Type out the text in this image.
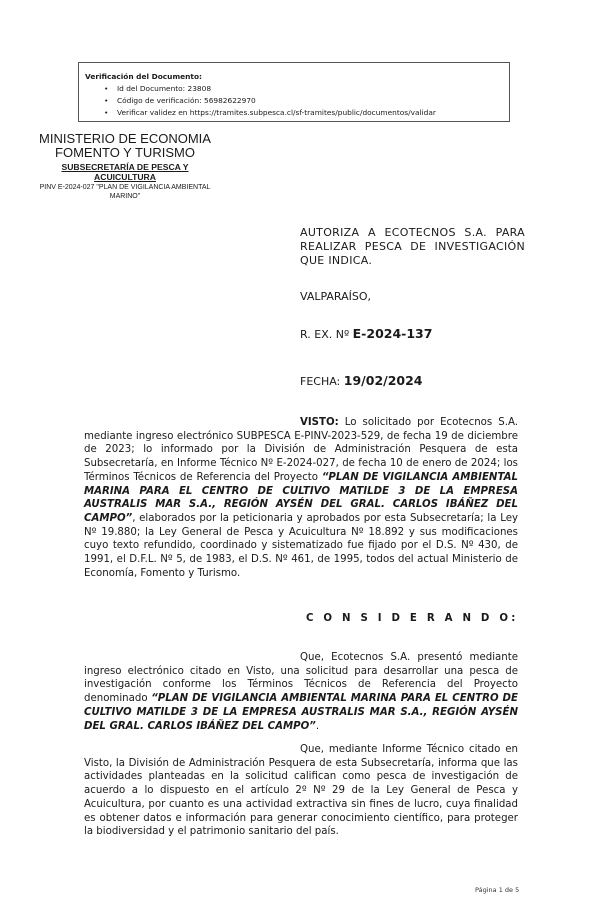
Verificación del Documento:
• Id del Documento: 23808
• Código de verificación: 56982622970
• Verificar validez en https://tramites.subpesca.cl/sf-tramites/public/documentos/validar
MINISTERIO DE ECONOMIA
FOMENTO Y TURISMO
SUBSECRETARÍA DE PESCA Y ACUICULTURA
PINV E-2024-027 "PLAN DE VIGILANCIA AMBIENTAL MARINO"
AUTORIZA A ECOTECNOS S.A. PARA REALIZAR PESCA DE INVESTIGACIÓN QUE INDICA.
VALPARAÍSO,
R. EX. Nº E-2024-137
FECHA: 19/02/2024

VISTO: Lo solicitado por Ecotecnos S.A. mediante ingreso electrónico SUBPESCA E-PINV-2023-529, de fecha 19 de diciembre de 2023; lo informado por la División de Administración Pesquera de esta Subsecretaría, en Informe Técnico Nº E-2024-027, de fecha 10 de enero de 2024; los Términos Técnicos de Referencia del Proyecto “PLAN DE VIGILANCIA AMBIENTAL MARINA PARA EL CENTRO DE CULTIVO MATILDE 3 DE LA EMPRESA AUSTRALIS MAR S.A., REGIÓN AYSÉN DEL GRAL. CARLOS IBÁÑEZ DEL CAMPO”, elaborados por la peticionaria y aprobados por esta Subsecretaría; la Ley Nº 19.880; la Ley General de Pesca y Acuicultura Nº 18.892 y sus modificaciones cuyo texto refundido, coordinado y sistematizado fue fijado por el D.S. Nº 430, de 1991, el D.F.L. Nº 5, de 1983, el D.S. Nº 461, de 1995, todos del actual Ministerio de Economía, Fomento y Turismo.

C O N S I D E R A N D O:

Que, Ecotecnos S.A. presentó mediante ingreso electrónico citado en Visto, una solicitud para desarrollar una pesca de investigación conforme los Términos Técnicos de Referencia del Proyecto denominado “PLAN DE VIGILANCIA AMBIENTAL MARINA PARA EL CENTRO DE CULTIVO MATILDE 3 DE LA EMPRESA AUSTRALIS MAR S.A., REGIÓN AYSÉN DEL GRAL. CARLOS IBÁÑEZ DEL CAMPO”.

Que, mediante Informe Técnico citado en Visto, la División de Administración Pesquera de esta Subsecretaría, informa que las actividades planteadas en la solicitud califican como pesca de investigación de acuerdo a lo dispuesto en el artículo 2º Nº 29 de la Ley General de Pesca y Acuicultura, por cuanto es una actividad extractiva sin fines de lucro, cuya finalidad es obtener datos e información para generar conocimiento científico, para proteger la biodiversidad y el patrimonio sanitario del país.

Página 1 de 5
